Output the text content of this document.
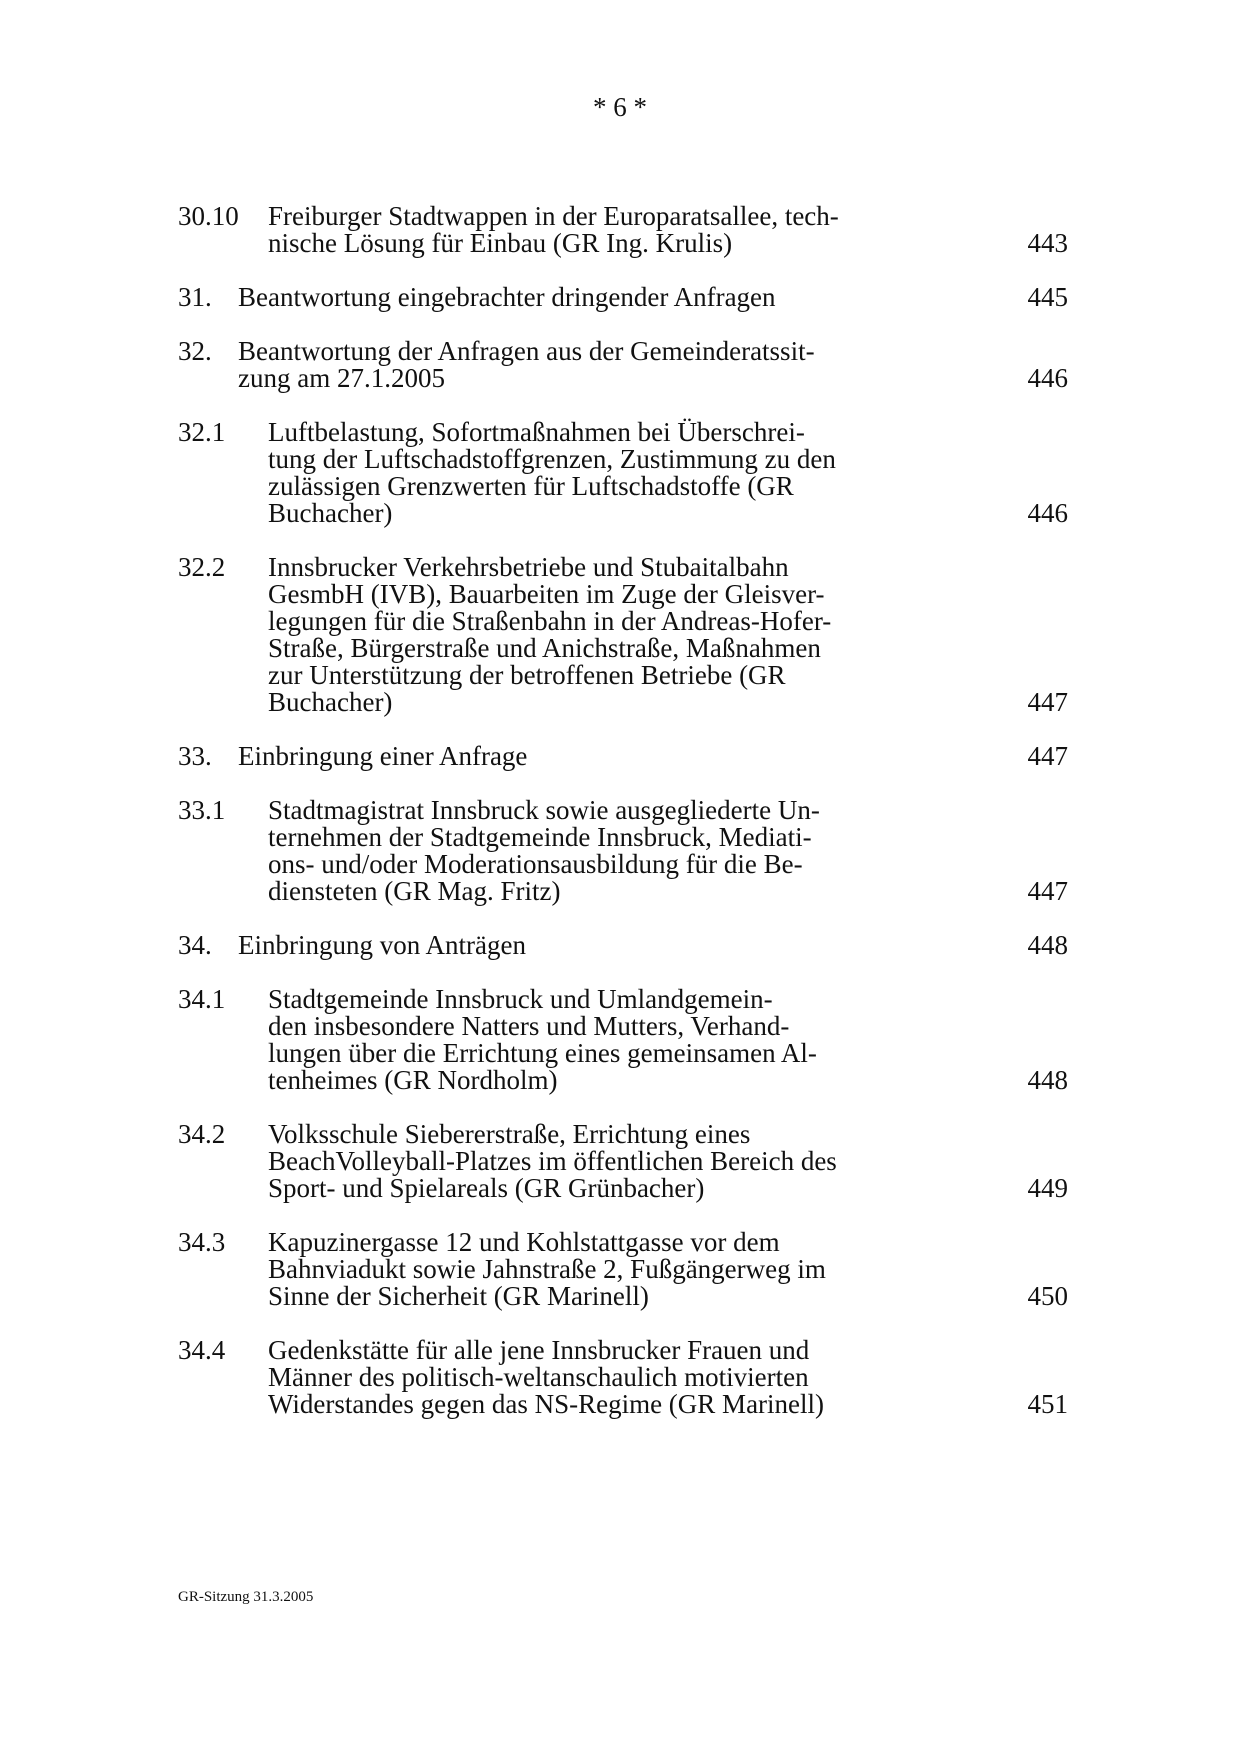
* 6 *
30.10	Freiburger Stadtwappen in der Europaratsallee, tech-
nische Lösung für Einbau (GR Ing. Krulis)	443
31. Beantwortung eingebrachter dringender Anfragen	445
32. Beantwortung der Anfragen aus der Gemeinderatssit-
zung am 27.1.2005	446
32.1	Luftbelastung, Sofortmaßnahmen bei Überschrei-
tung der Luftschadstoffgrenzen, Zustimmung zu den
zulässigen Grenzwerten für Luftschadstoffe (GR
Buchacher)	446
32.2	Innsbrucker Verkehrsbetriebe und Stubaitalbahn
GesmbH (IVB), Bauarbeiten im Zuge der Gleisver-
legungen für die Straßenbahn in der Andreas-Hofer-
Straße, Bürgerstraße und Anichstraße, Maßnahmen
zur Unterstützung der betroffenen Betriebe (GR
Buchacher)	447
33. Einbringung einer Anfrage	447
33.1	Stadtmagistrat Innsbruck sowie ausgegliederte Un-
ternehmen der Stadtgemeinde Innsbruck, Mediati-
ons- und/oder Moderationsausbildung für die Be-
diensteten (GR Mag. Fritz)	447
34. Einbringung von Anträgen	448
34.1	Stadtgemeinde Innsbruck und Umlandgemein-
den insbesondere Natters und Mutters, Verhand-
lungen über die Errichtung eines gemeinsamen Al-
tenheimes (GR Nordholm)	448
34.2	Volksschule Siebererstraße, Errichtung eines
BeachVolleyball-Platzes im öffentlichen Bereich des
Sport- und Spielareals (GR Grünbacher)	449
34.3	Kapuzinergasse 12 und Kohlstattgasse vor dem
Bahnviadukt sowie Jahnstraße 2, Fußgängerweg im
Sinne der Sicherheit (GR Marinell)	450
34.4	Gedenkstätte für alle jene Innsbrucker Frauen und
Männer des politisch-weltanschaulich motivierten
Widerstandes gegen das NS-Regime (GR Marinell)	451
GR-Sitzung 31.3.2005
